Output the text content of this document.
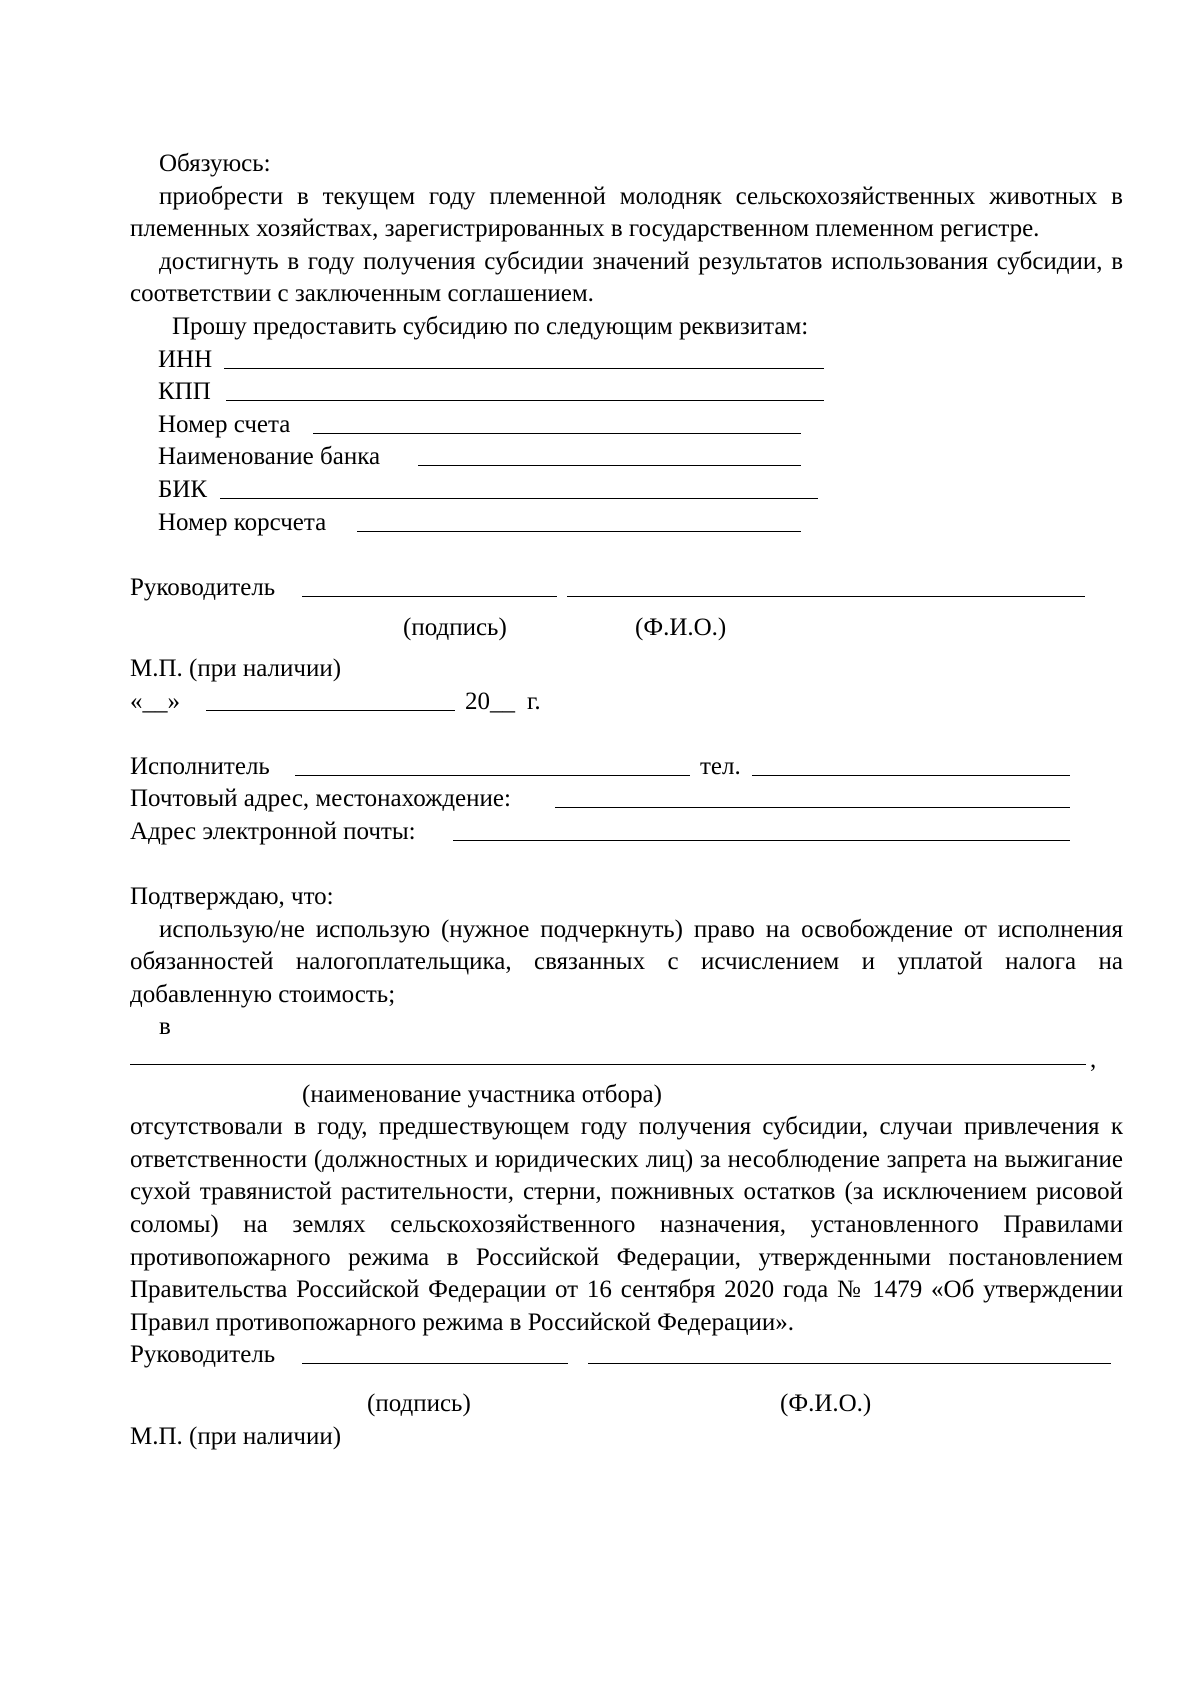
Обязуюсь:

приобрести в текущем году племенной молодняк сельскохозяйственных животных в племенных хозяйствах, зарегистрированных в государственном племенном регистре.

достигнуть в году получения субсидии значений результатов использования субсидии, в соответствии с заключенным соглашением.

Прошу предоставить субсидию по следующим реквизитам:

ИНН
КПП
Номер счета
Наименование банка
БИК
Номер корсчета
Руководитель
(подпись)	(Ф.И.О.)

М.П. (при наличии)

«__»	20__ г.
Исполнитель	тел.
Почтовый адрес, местонахождение:
Адрес электронной почты:

Подтверждаю, что:

использую/не использую (нужное подчеркнуть) право на освобождение от исполнения обязанностей налогоплательщика, связанных с исчислением и уплатой налога на добавленную стоимость;

в

,
(наименование участника отбора)

отсутствовали в году, предшествующем году получения субсидии, случаи привлечения к ответственности (должностных и юридических лиц) за несоблюдение запрета на выжигание сухой травянистой растительности, стерни, пожнивных остатков (за исключением рисовой соломы) на землях сельскохозяйственного назначения, установленного Правилами противопожарного режима в Российской Федерации, утвержденными постановлением Правительства Российской Федерации от 16 сентября 2020 года № 1479 «Об утверждении Правил противопожарного режима в Российской Федерации».

Руководитель
(подпись)	(Ф.И.О.)

М.П. (при наличии)
